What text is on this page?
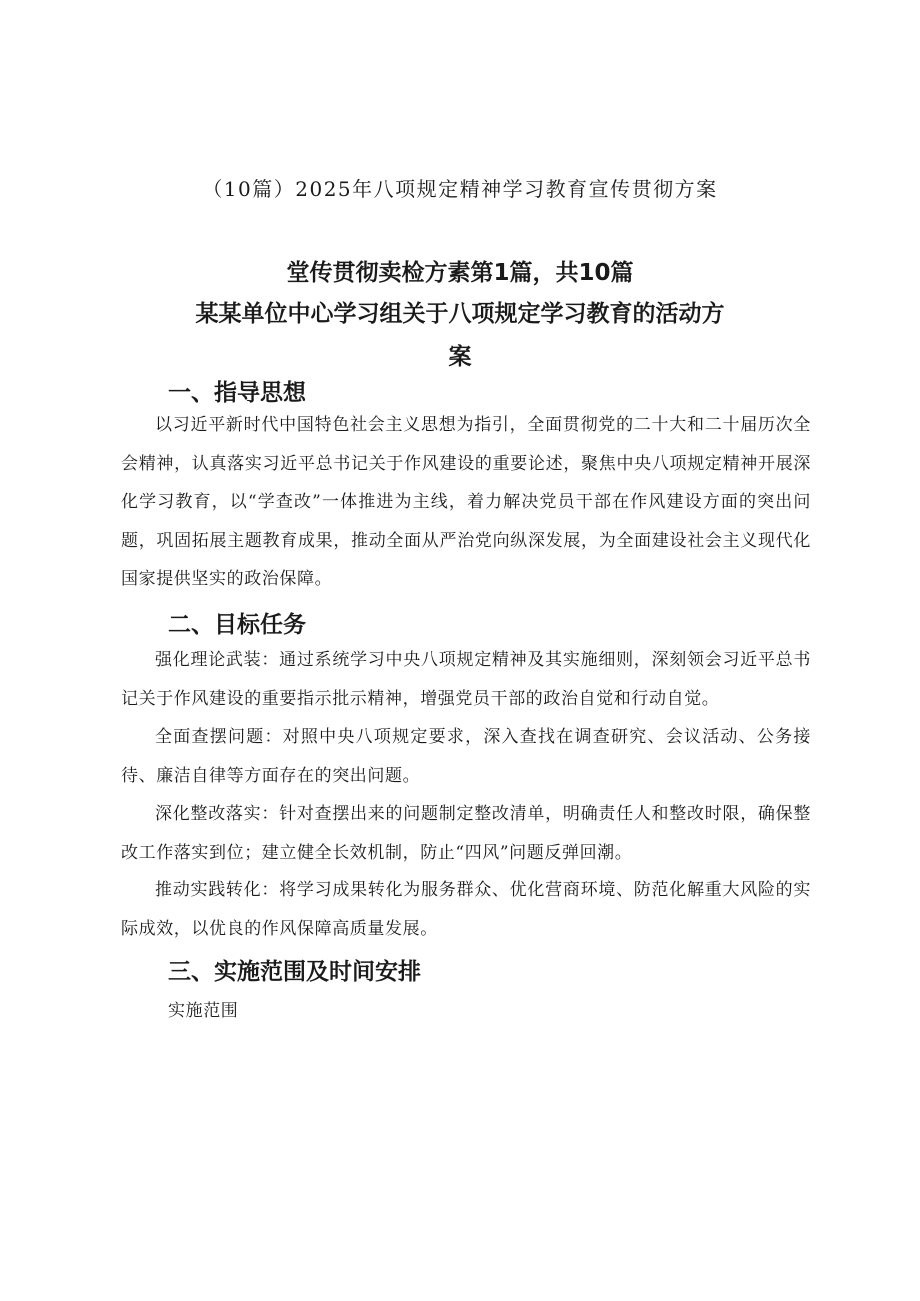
（10篇）2025年八项规定精神学习教育宣传贯彻方案
堂传贯彻卖检方素第1篇，共10篇
某某单位中心学习组关于八项规定学习教育的活动方
案
一、指导思想
以习近平新时代中国特色社会主义思想为指引，全面贯彻党的二十大和二十届历次全会精神，认真落实习近平总书记关于作风建设的重要论述，聚焦中央八项规定精神开展深化学习教育，以“学查改”一体推进为主线，着力解决党员干部在作风建设方面的突出问题，巩固拓展主题教育成果，推动全面从严治党向纵深发展，为全面建设社会主义现代化国家提供坚实的政治保障。
二、目标任务
强化理论武装：通过系统学习中央八项规定精神及其实施细则，深刻领会习近平总书记关于作风建设的重要指示批示精神，增强党员干部的政治自觉和行动自觉。
全面查摆问题：对照中央八项规定要求，深入查找在调查研究、会议活动、公务接待、廉洁自律等方面存在的突出问题。
深化整改落实：针对查摆出来的问题制定整改清单，明确责任人和整改时限，确保整改工作落实到位；建立健全长效机制，防止“四风”问题反弹回潮。
推动实践转化：将学习成果转化为服务群众、优化营商环境、防范化解重大风险的实际成效，以优良的作风保障高质量发展。
三、实施范围及时间安排
实施范围
